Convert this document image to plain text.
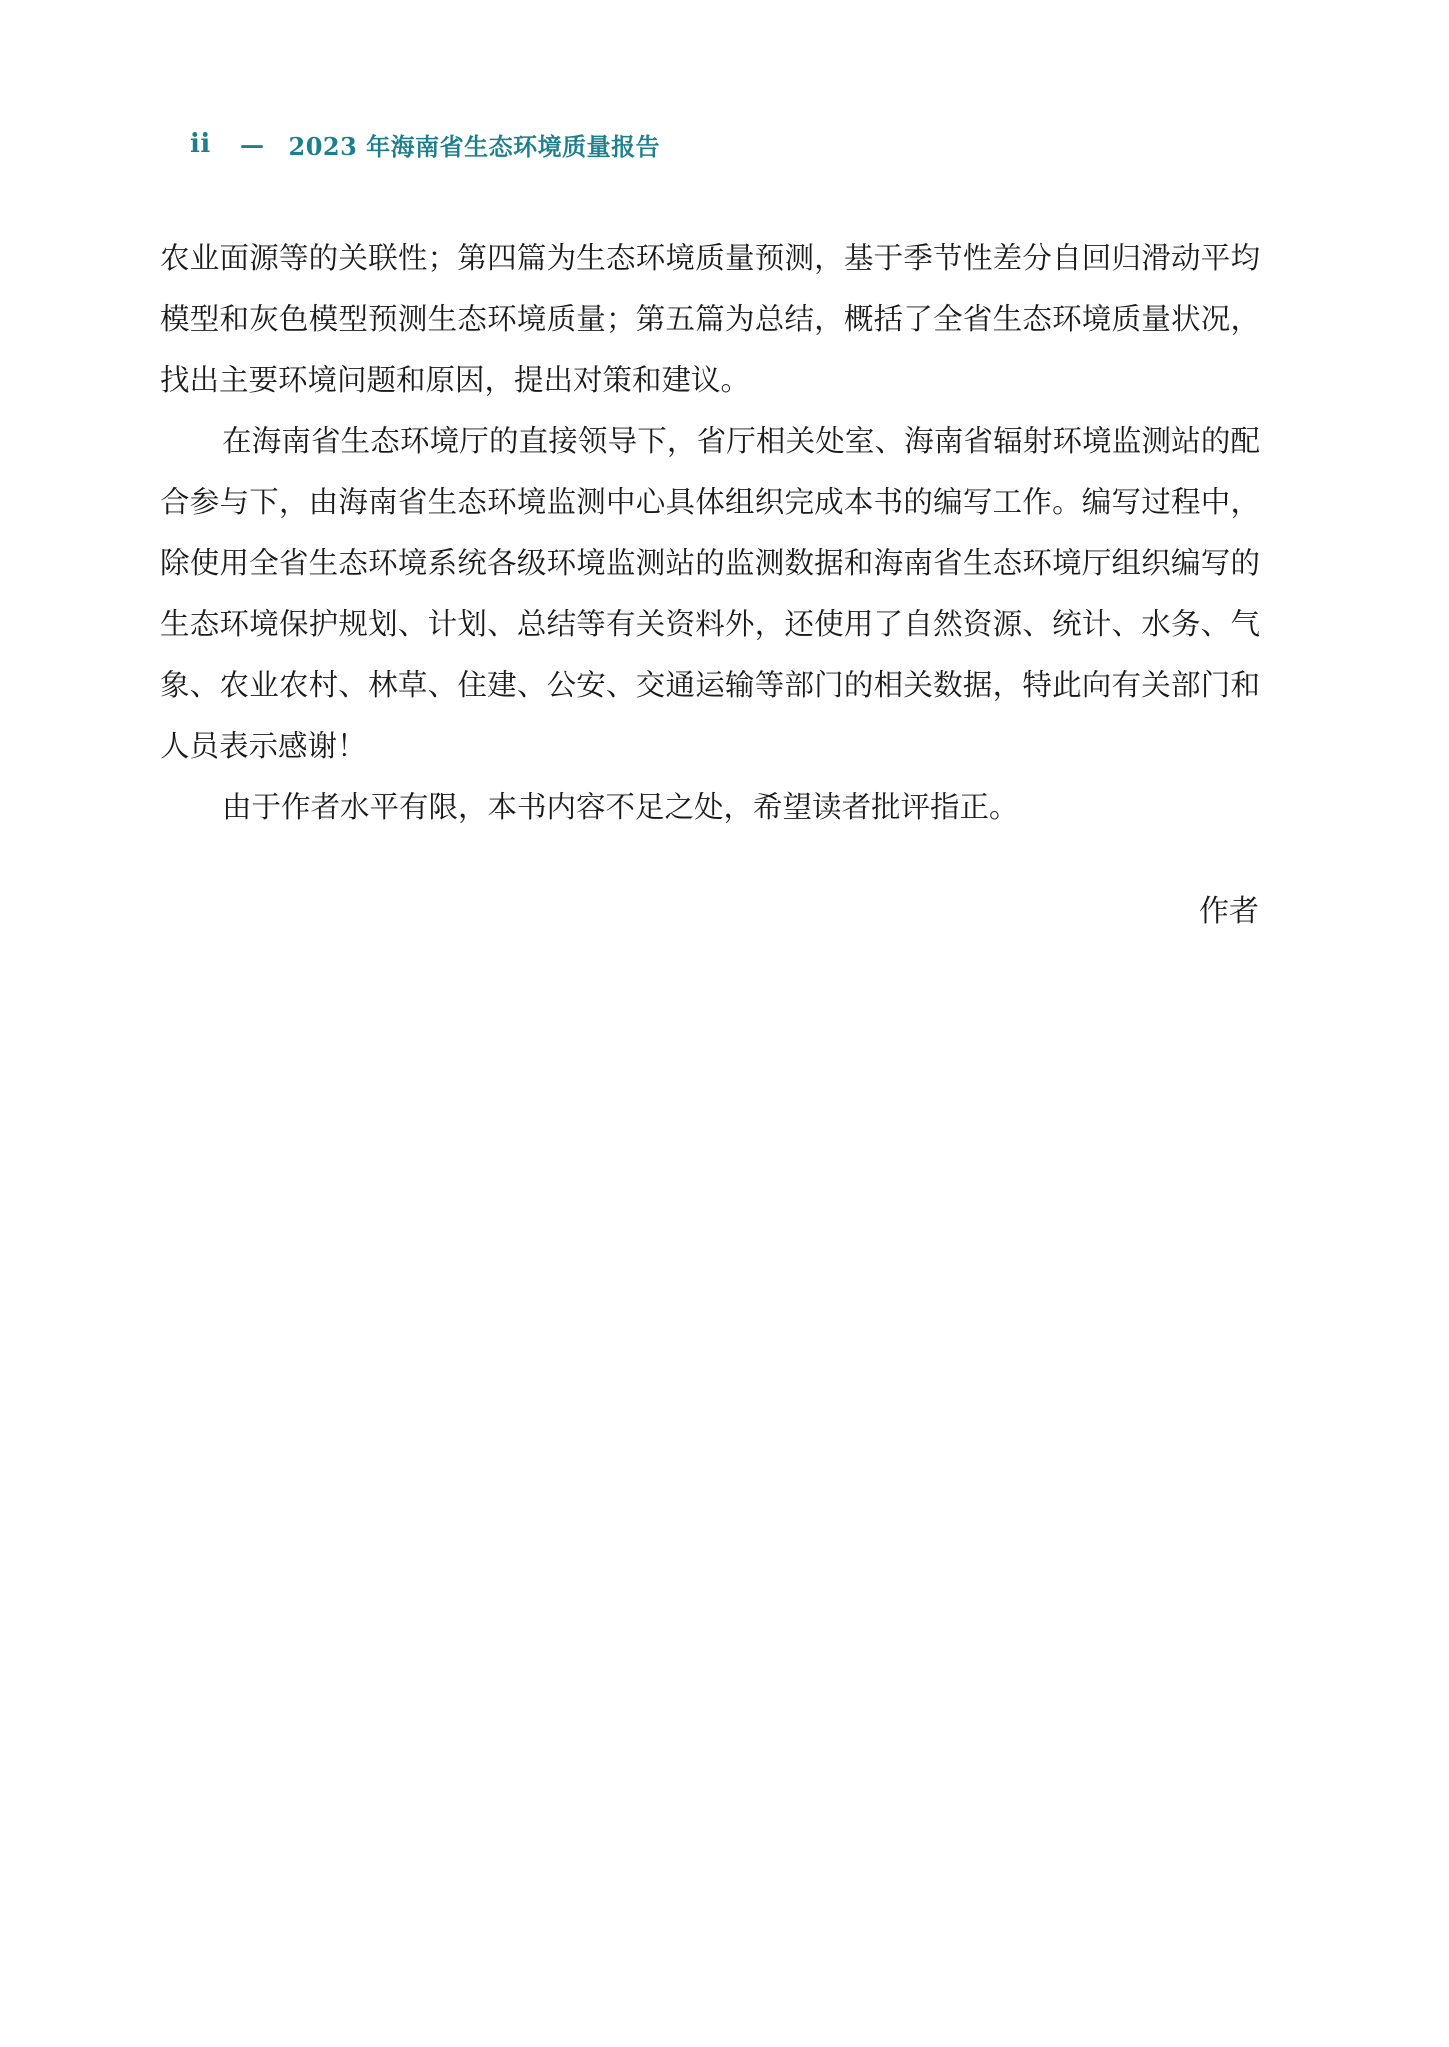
ii — 2023 年海南省生态环境质量报告

农业面源等的关联性；第四篇为生态环境质量预测，基于季节性差分自回归滑动平均模型和灰色模型预测生态环境质量；第五篇为总结，概括了全省生态环境质量状况，找出主要环境问题和原因，提出对策和建议。

在海南省生态环境厅的直接领导下，省厅相关处室、海南省辐射环境监测站的配合参与下，由海南省生态环境监测中心具体组织完成本书的编写工作。编写过程中，除使用全省生态环境系统各级环境监测站的监测数据和海南省生态环境厅组织编写的生态环境保护规划、计划、总结等有关资料外，还使用了自然资源、统计、水务、气象、农业农村、林草、住建、公安、交通运输等部门的相关数据，特此向有关部门和人员表示感谢！

由于作者水平有限，本书内容不足之处，希望读者批评指正。

作者
